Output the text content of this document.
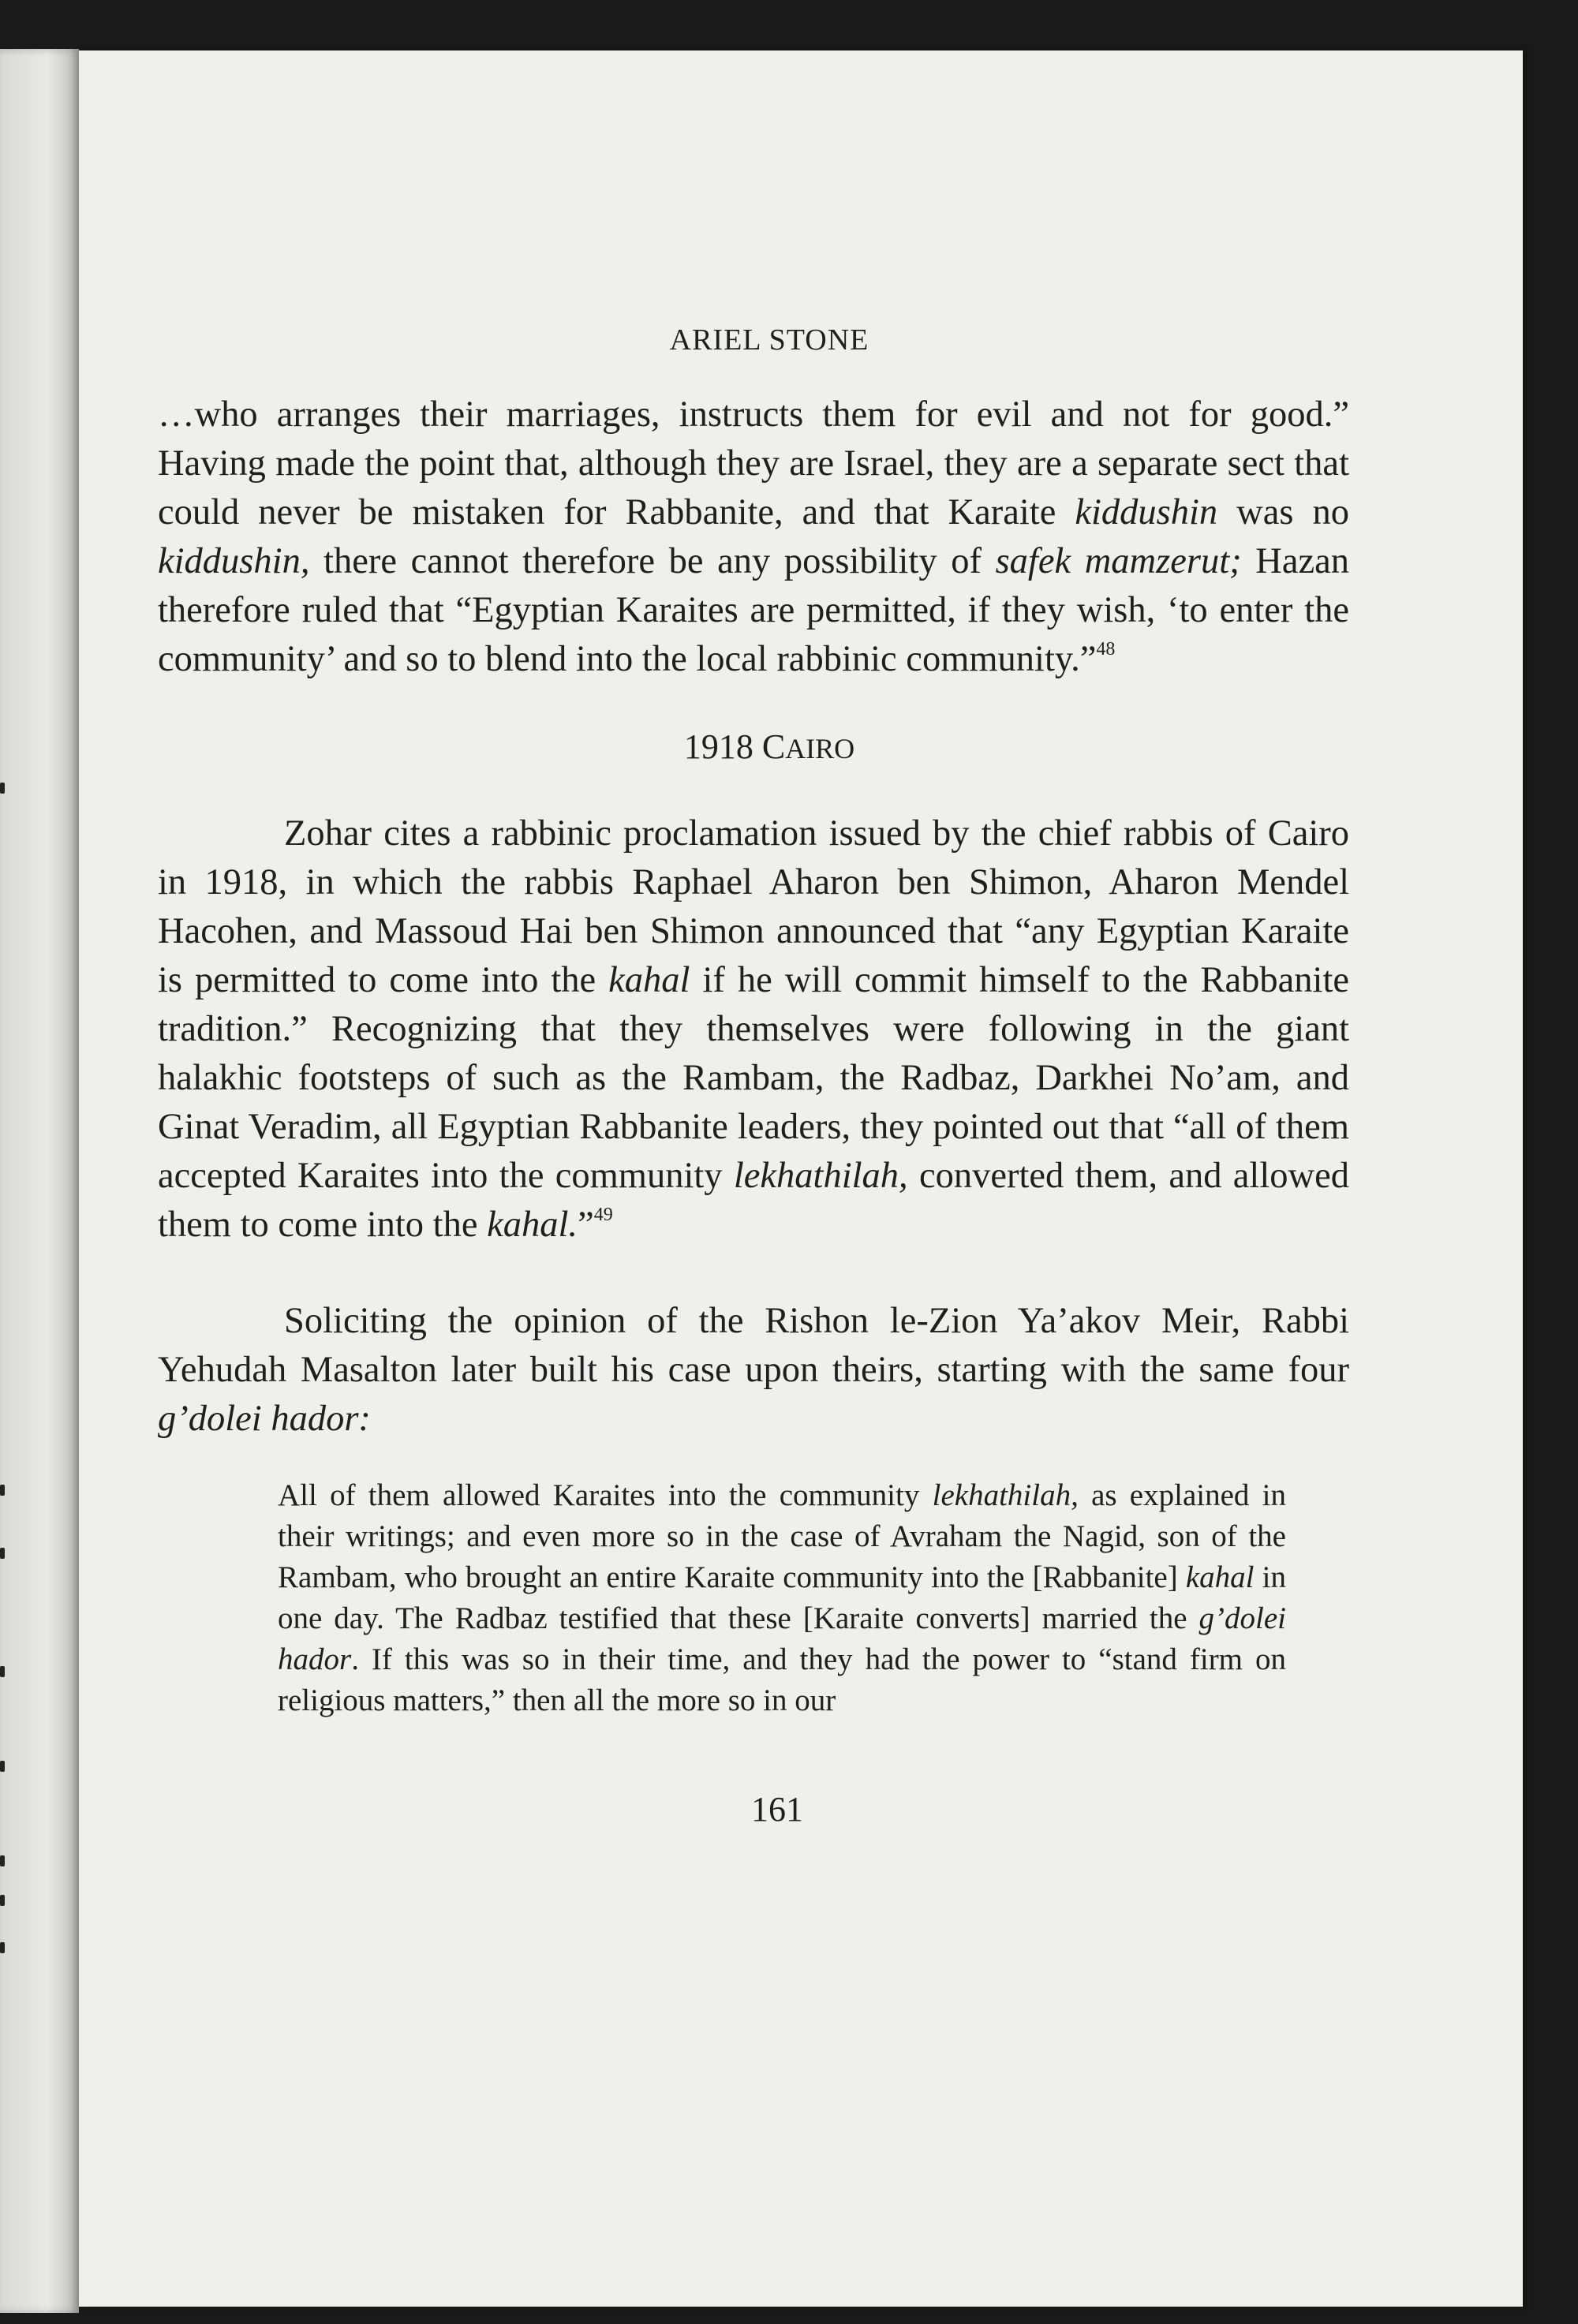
ARIEL STONE

…who arranges their marriages, instructs them for evil and not for good.” Having made the point that, although they are Israel, they are a separate sect that could never be mistaken for Rabbanite, and that Karaite kiddushin was no kiddushin, there cannot therefore be any possibility of safek mamzerut; Hazan therefore ruled that “Egyptian Karaites are permitted, if they wish, ‘to enter the community’ and so to blend into the local rabbinic community.”$^{48}$

1918 CAIRO

Zohar cites a rabbinic proclamation issued by the chief rabbis of Cairo in 1918, in which the rabbis Raphael Aharon ben Shimon, Aharon Mendel Hacohen, and Massoud Hai ben Shimon announced that “any Egyptian Karaite is permitted to come into the kahal if he will commit himself to the Rabbanite tradition.” Recognizing that they themselves were following in the giant halakhic footsteps of such as the Rambam, the Radbaz, Darkhei No’am, and Ginat Veradim, all Egyptian Rabbanite leaders, they pointed out that “all of them accepted Karaites into the community lekhathilah, converted them, and allowed them to come into the kahal.”$^{49}$

Soliciting the opinion of the Rishon le-Zion Ya’akov Meir, Rabbi Yehudah Masalton later built his case upon theirs, starting with the same four g’dolei hador:

All of them allowed Karaites into the community lekhathilah, as explained in their writings; and even more so in the case of Avraham the Nagid, son of the Rambam, who brought an entire Karaite community into the [Rabbanite] kahal in one day. The Radbaz testified that these [Karaite converts] married the g’dolei hador. If this was so in their time, and they had the power to “stand firm on religious matters,” then all the more so in our

161
